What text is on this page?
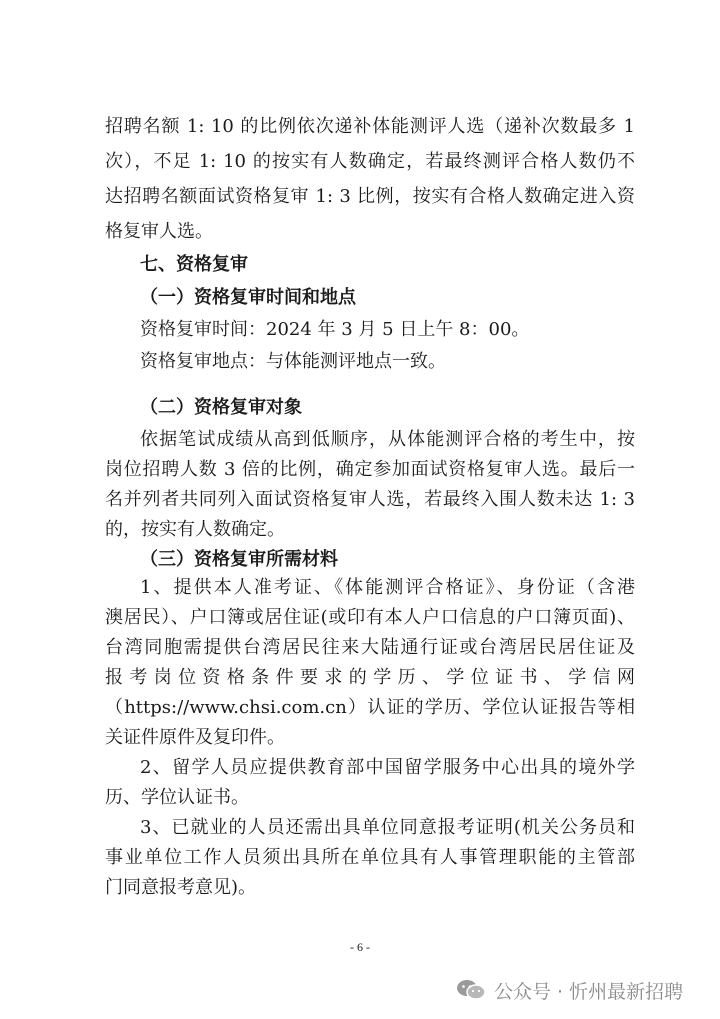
招聘名额 1: 10 的比例依次递补体能测评人选（递补次数最多 1
次），不足 1: 10 的按实有人数确定，若最终测评合格人数仍不
达招聘名额面试资格复审 1: 3 比例，按实有合格人数确定进入资
格复审人选。
七、资格复审
（一）资格复审时间和地点
资格复审时间：2024 年 3 月 5 日上午 8：00。
资格复审地点：与体能测评地点一致。
（二）资格复审对象
依据笔试成绩从高到低顺序，从体能测评合格的考生中，按
岗位招聘人数 3 倍的比例，确定参加面试资格复审人选。最后一
名并列者共同列入面试资格复审人选，若最终入围人数未达 1: 3
的，按实有人数确定。
（三）资格复审所需材料
1、提供本人准考证、《体能测评合格证》、身份证（含港
澳居民）、户口簿或居住证(或印有本人户口信息的户口簿页面)、
台湾同胞需提供台湾居民往来大陆通行证或台湾居民居住证及
报考岗位资格条件要求的学历、学位证书、学信网
（https://www.chsi.com.cn）认证的学历、学位认证报告等相
关证件原件及复印件。
2、留学人员应提供教育部中国留学服务中心出具的境外学
历、学位认证书。
3、已就业的人员还需出具单位同意报考证明(机关公务员和
事业单位工作人员须出具所在单位具有人事管理职能的主管部
门同意报考意见)。
公众号 · 忻州最新招聘
- 6 -
